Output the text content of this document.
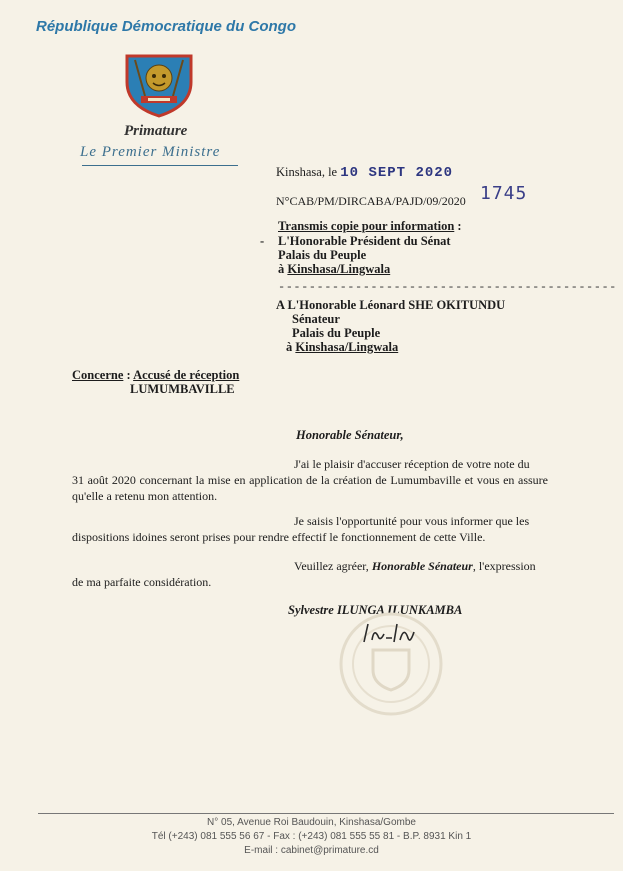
République Démocratique du Congo
Primature
Le Premier Ministre
Kinshasa, le 10 SEPT 2020
N°CAB/PM/DIRCABA/PAJD/09/2020 1745
Transmis copie pour information :
-	L'Honorable Président du Sénat
Palais du Peuple
à Kinshasa/Lingwala
--------------------------------------------
A L'Honorable Léonard SHE OKITUNDU
Sénateur
Palais du Peuple
à Kinshasa/Lingwala
Concerne : Accusé de réception
LUMUMBAVILLE
Honorable Sénateur,
J'ai le plaisir d'accuser réception de votre note du
31 août 2020 concernant la mise en application de la création de Lumumbaville et vous en assure qu'elle a retenu mon attention.
Je saisis l'opportunité pour vous informer que les
dispositions idoines seront prises pour rendre effectif le fonctionnement de cette Ville.
Veuillez agréer, Honorable Sénateur, l'expression
de ma parfaite considération.
Sylvestre ILUNGA ILUNKAMBA
N° 05, Avenue Roi Baudouin, Kinshasa/Gombe
Tél (+243) 081 555 56 67 - Fax : (+243) 081 555 55 81 - B.P. 8931 Kin 1
E-mail : cabinet@primature.cd
